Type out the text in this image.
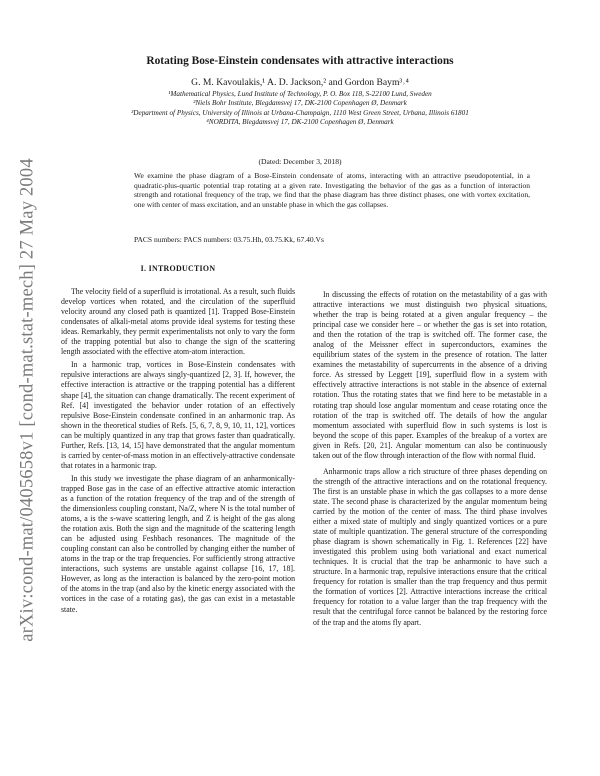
arXiv:cond-mat/0405658v1 [cond-mat.stat-mech] 27 May 2004
Rotating Bose-Einstein condensates with attractive interactions
G. M. Kavoulakis,¹ A. D. Jackson,² and Gordon Baym³˒⁴
¹Mathematical Physics, Lund Institute of Technology, P. O. Box 118, S-22100 Lund, Sweden
²Niels Bohr Institute, Blegdamsvej 17, DK-2100 Copenhagen Ø, Denmark
³Department of Physics, University of Illinois at Urbana-Champaign, 1110 West Green Street, Urbana, Illinois 61801
⁴NORDITA, Blegdamsvej 17, DK-2100 Copenhagen Ø, Denmark
(Dated: December 3, 2018)
We examine the phase diagram of a Bose-Einstein condensate of atoms, interacting with an attractive pseudopotential, in a quadratic-plus-quartic potential trap rotating at a given rate. Investigating the behavior of the gas as a function of interaction strength and rotational frequency of the trap, we find that the phase diagram has three distinct phases, one with vortex excitation, one with center of mass excitation, and an unstable phase in which the gas collapses.
PACS numbers: PACS numbers: 03.75.Hh, 03.75.Kk, 67.40.Vs
I. INTRODUCTION

The velocity field of a superfluid is irrotational. As a result, such fluids develop vortices when rotated, and the circulation of the superfluid velocity around any closed path is quantized [1]. Trapped Bose-Einstein condensates of alkali-metal atoms provide ideal systems for testing these ideas. Remarkably, they permit experimentalists not only to vary the form of the trapping potential but also to change the sign of the scattering length associated with the effective atom-atom interaction.

In a harmonic trap, vortices in Bose-Einstein condensates with repulsive interactions are always singly-quantized [2, 3]. If, however, the effective interaction is attractive or the trapping potential has a different shape [4], the situation can change dramatically. The recent experiment of Ref. [4] investigated the behavior under rotation of an effectively repulsive Bose-Einstein condensate confined in an anharmonic trap. As shown in the theoretical studies of Refs. [5, 6, 7, 8, 9, 10, 11, 12], vortices can be multiply quantized in any trap that grows faster than quadratically. Further, Refs. [13, 14, 15] have demonstrated that the angular momentum is carried by center-of-mass motion in an effectively-attractive condensate that rotates in a harmonic trap.

In this study we investigate the phase diagram of an anharmonically-trapped Bose gas in the case of an effective attractive atomic interaction as a function of the rotation frequency of the trap and of the strength of the dimensionless coupling constant, Na/Z, where N is the total number of atoms, a is the s-wave scattering length, and Z is height of the gas along the rotation axis. Both the sign and the magnitude of the scattering length can be adjusted using Feshbach resonances. The magnitude of the coupling constant can also be controlled by changing either the number of atoms in the trap or the trap frequencies. For sufficiently strong attractive interactions, such systems are unstable against collapse [16, 17, 18]. However, as long as the interaction is balanced by the zero-point motion of the atoms in the trap (and also by the kinetic energy associated with the vortices in the case of a rotating gas), the gas can exist in a metastable state.

In discussing the effects of rotation on the metastability of a gas with attractive interactions we must distinguish two physical situations, whether the trap is being rotated at a given angular frequency – the principal case we consider here – or whether the gas is set into rotation, and then the rotation of the trap is switched off. The former case, the analog of the Meissner effect in superconductors, examines the equilibrium states of the system in the presence of rotation. The latter examines the metastability of supercurrents in the absence of a driving force. As stressed by Leggett [19], superfluid flow in a system with effectively attractive interactions is not stable in the absence of external rotation. Thus the rotating states that we find here to be metastable in a rotating trap should lose angular momentum and cease rotating once the rotation of the trap is switched off. The details of how the angular momentum associated with superfluid flow in such systems is lost is beyond the scope of this paper. Examples of the breakup of a vortex are given in Refs. [20, 21]. Angular momentum can also be continuously taken out of the flow through interaction of the flow with normal fluid.

Anharmonic traps allow a rich structure of three phases depending on the strength of the attractive interactions and on the rotational frequency. The first is an unstable phase in which the gas collapses to a more dense state. The second phase is characterized by the angular momentum being carried by the motion of the center of mass. The third phase involves either a mixed state of multiply and singly quantized vortices or a pure state of multiple quantization. The general structure of the corresponding phase diagram is shown schematically in Fig. 1. References [22] have investigated this problem using both variational and exact numerical techniques. It is crucial that the trap be anharmonic to have such a structure. In a harmonic trap, repulsive interactions ensure that the critical frequency for rotation is smaller than the trap frequency and thus permit the formation of vortices [2]. Attractive interactions increase the critical frequency for rotation to a value larger than the trap frequency with the result that the centrifugal force cannot be balanced by the restoring force of the trap and the atoms fly apart.
